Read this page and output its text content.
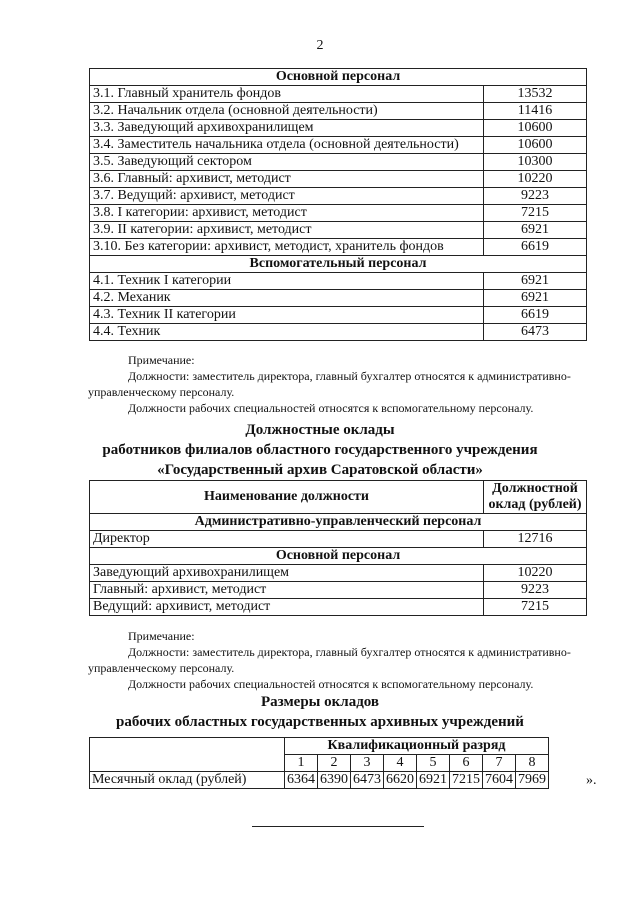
2
Основной персонал	
3.1. Главный хранитель фондов	13532
3.2. Начальник отдела (основной деятельности)	11416
3.3. Заведующий архивохранилищем	10600
3.4. Заместитель начальника отдела (основной деятельности)	10600
3.5. Заведующий сектором	10300
3.6. Главный: архивист, методист	10220
3.7. Ведущий: архивист, методист	9223
3.8. I категории: архивист, методист	7215
3.9. II категории: архивист, методист	6921
3.10. Без категории: архивист, методист, хранитель фондов	6619
Вспомогательный персонал	
4.1. Техник I категории	6921
4.2. Механик	6921
4.3. Техник II категории	6619
4.4. Техник	6473

Примечание:

Должности: заместитель директора, главный бухгалтер относятся к административно-управленческому персоналу.

Должности рабочих специальностей относятся к вспомогательному персоналу.

Должностные оклады
работников филиалов областного государственного учреждения
«Государственный архив Саратовской области»
Наименование должности	Должностной
оклад (рублей)

Административно-управленческий персонал	
Директор	12716
Основной персонал	
Заведующий архивохранилищем	10220
Главный: архивист, методист	9223
Ведущий: архивист, методист	7215

Примечание:

Должности: заместитель директора, главный бухгалтер относятся к административно-управленческому персоналу.

Должности рабочих специальностей относятся к вспомогательному персоналу.

Размеры окладов
рабочих областных государственных архивных учреждений
	Квалификационный разряд							
	1	2	3	4	5	6	7	8
Месячный оклад (рублей)	6364	6390	6473	6620	6921	7215	7604	7969	».
